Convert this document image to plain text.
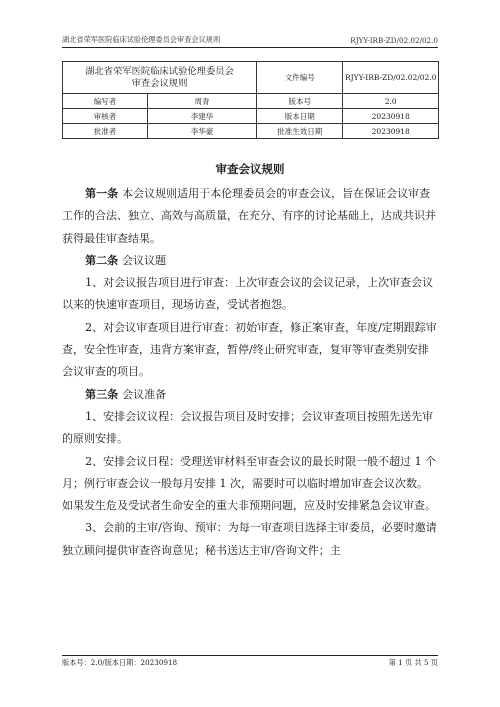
湖北省荣军医院临床试验伦理委员会审查会议规则	RJYY-IRB-ZD/02.02/02.0
湖北省荣军医院临床试验伦理委员会
审查会议规则		文件编号	RJYY-IRB-ZD/02.02/02.0
编写者	周青	版本号	2.0
审核者	李建华	版本日期	20230918
批准者	李华豪	批准生效日期	20230918
审查会议规则

第一条 本会议规则适用于本伦理委员会的审查会议，旨在保证会议审查工作的合法、独立、高效与高质量，在充分、有序的讨论基础上，达成共识并获得最佳审查结果。

第二条 会议议题

1、对会议报告项目进行审查：上次审查会议的会议记录，上次审查会议以来的快速审查项目，现场访查，受试者抱怨。

2、对会议审查项目进行审查：初始审查，修正案审查，年度/定期跟踪审查，安全性审查，违背方案审查，暂停/终止研究审查，复审等审查类别安排会议审查的项目。

第三条 会议准备

1、安排会议议程：会议报告项目及时安排；会议审查项目按照先送先审的原则安排。

2、安排会议日程：受理送审材料至审查会议的最长时限一般不超过 1 个月；例行审查会议一般每月安排 1 次，需要时可以临时增加审查会议次数。如果发生危及受试者生命安全的重大非预期问题，应及时安排紧急会议审查。

3、会前的主审/咨询、预审：为每一审查项目选择主审委员，必要时邀请独立顾问提供审查咨询意见；秘书送达主审/咨询文件；主

版本号：2.0/版本日期：20230918	第 1 页 共 5 页
